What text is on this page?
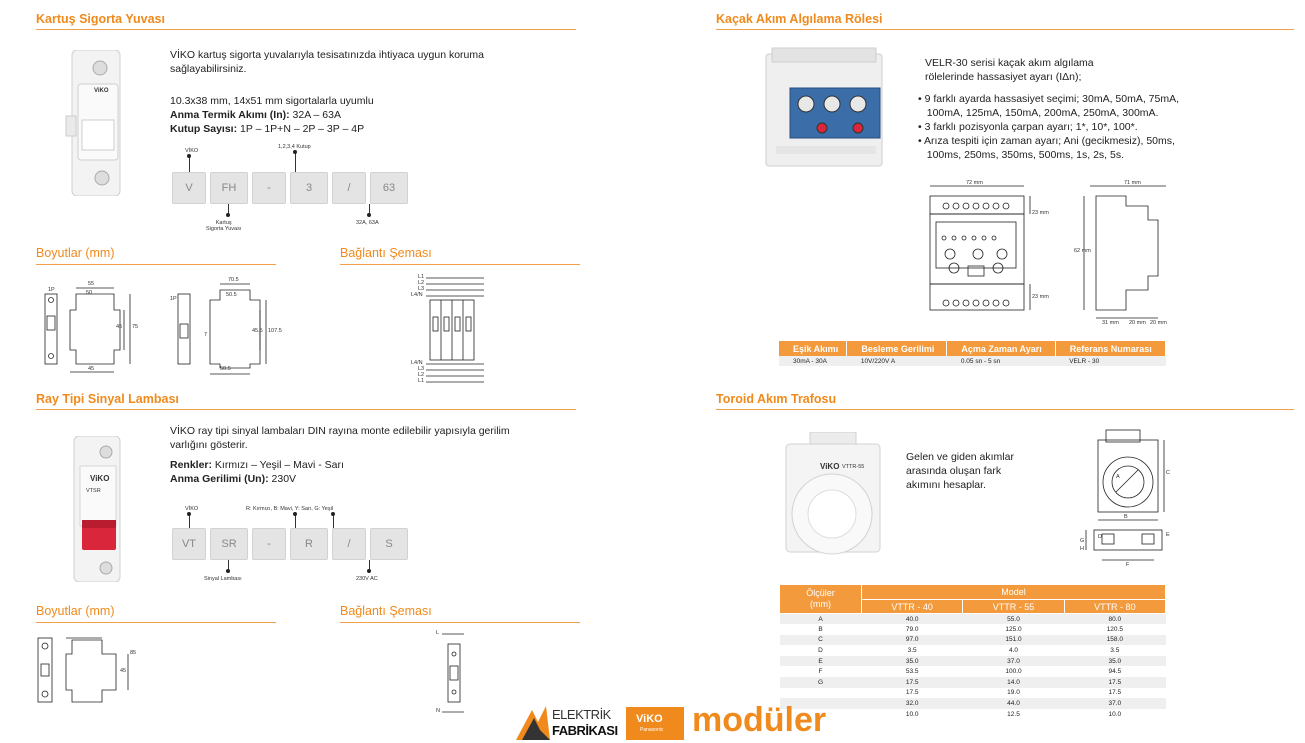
Kartuş Sigorta Yuvası
ViKO
VİKO kartuş sigorta yuvalarıyla tesisatınızda ihtiyaca uygun koruma sağlayabilirsiniz.
10.3x38 mm, 14x51 mm sigortalarla uyumlu
Anma Termik Akımı (In): 32A – 63A
Kutup Sayısı: 1P – 1P+N – 2P – 3P – 4P
VİKO
1,2,3,4 Kutup
V	FH	-	3	/	63
Kartuş
Sigorta Yuvası
32A, 63A
Boyutlar (mm)	Bağlantı Şeması
1P
55
50
45 75
45
1P
70.5
50.5
45.5 107.5
50.5
7
L1
L2
L3
L4/N
L4/N
L3
L2
L1
Ray Tipi Sinyal Lambası
ViKO
VTSR
VİKO ray tipi sinyal lambaları DIN rayına monte edilebilir yapısıyla gerilim varlığını gösterir.
Renkler: Kırmızı – Yeşil – Mavi - Sarı
Anma Gerilimi (Un): 230V
VİKO	R: Kırmızı, B: Mavi, Y: Sarı, G: Yeşil
VT	SR	-	R	/	S
Sinyal Lambası	230V AC
Boyutlar (mm)	Bağlantı Şeması
45
85
L
N
Kaçak Akım Algılama Rölesi
VELR-30 serisi kaçak akım algılama
rölelerinde hassasiyet ayarı (IΔn);
• 9 farklı ayarda hassasiyet seçimi; 30mA, 50mA, 75mA,
100mA, 125mA, 150mA, 200mA, 250mA, 300mA.
• 3 farklı pozisyonla çarpan ayarı; 1*, 10*, 100*.
• Arıza tespiti için zaman ayarı; Ani (gecikmesiz), 50ms,
100ms, 250ms, 350ms, 500ms, 1s, 2s, 5s.
72 mm	71 mm
23 mm
23 mm
62 mm
31 mm 20 mm 20 mm
Eşik Akımı	Besleme Gerilimi	Açma Zaman Ayarı	Referans Numarası
30mA - 30A	10V/220V A	0.05 sn - 5 sn	VELR - 30
Toroid Akım Trafosu
ViKO VTTR-55
Gelen ve giden akımlar
arasında oluşan fark
akımını hesaplar.
A
B
C
D	E
F
G
H
Ölçüler
(mm)	Model		
	VTTR - 40	VTTR - 55	VTTR - 80
A	40.0	55.0	80.0
B	79.0	125.0	120.5
C	97.0	151.0	158.0
D	3.5	4.0	3.5
E	35.0	37.0	35.0
F	53.5	100.0	94.5
G	17.5	14.0	17.5
	17.5	19.0	17.5
	32.0	44.0	37.0
	10.0	12.5	10.0
ELEKTRİK
FABRİKASI
ViKO
Panasonic modüler
